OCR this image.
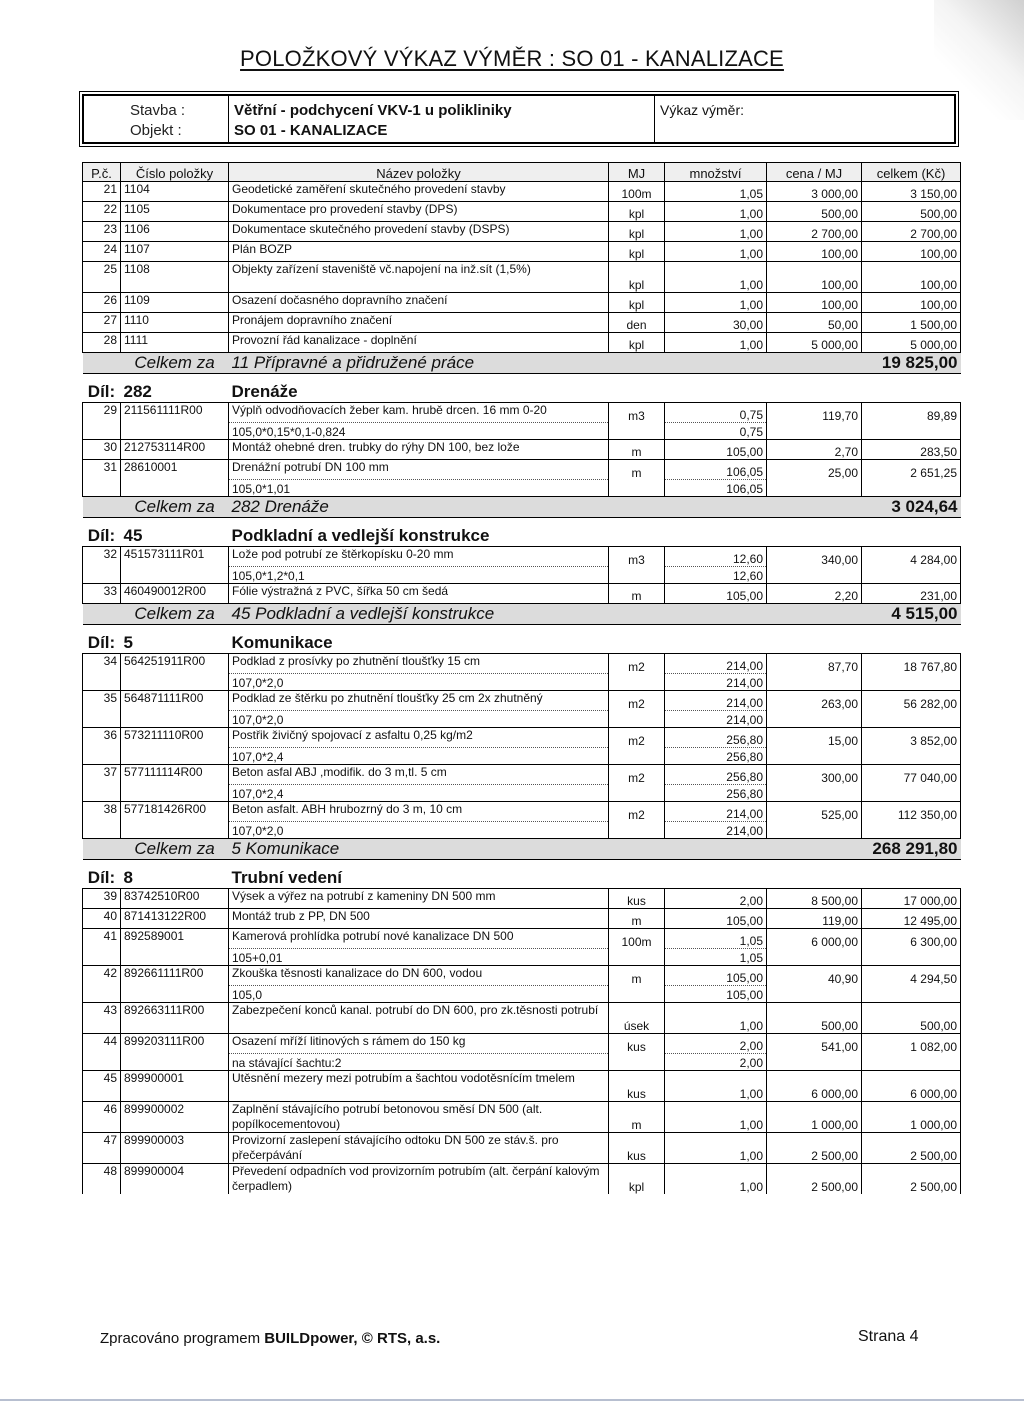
POLOŽKOVÝ VÝKAZ VÝMĚR : SO 01 - KANALIZACE
Stavba :	Větřní - podchycení VKV-1 u polikliniky
Objekt :	SO 01 - KANALIZACE
Výkaz výměr:
P.č.	Číslo položky	Název položky	MJ	množství	cena / MJ	celkem (Kč)
21	1104	Geodetické zaměření skutečného provedení stavby	100m	1,05	3 000,00	3 150,00
22	1105	Dokumentace pro provedení stavby (DPS)	kpl	1,00	500,00	500,00
23	1106	Dokumentace skutečného provedení stavby (DSPS)	kpl	1,00	2 700,00	2 700,00
24	1107	Plán BOZP	kpl	1,00	100,00	100,00
25	1108	Objekty zařízení staveniště vč.napojení na inž.sít (1,5%)	kpl	1,00	100,00	100,00
26	1109	Osazení dočasného dopravního značení	kpl	1,00	100,00	100,00
27	1110	Pronájem dopravního značení	den	30,00	50,00	1 500,00
28	1111	Provozní řád kanalizace - doplnění	kpl	1,00	5 000,00	5 000,00
	Celkem za	11 Přípravné a přidružené práce				19 825,00
Díl:	282	Drenáže				
29	211561111R00	Výplň odvodňovacích žeber kam. hrubě drcen. 16 mm 0-20	m3	0,75	119,70	89,89
		105,0*0,15*0,1-0,824		0,75		
30	212753114R00	Montáž ohebné dren. trubky do rýhy DN 100, bez lože	m	105,00	2,70	283,50
31	28610001	Drenážní potrubí DN 100 mm	m	106,05	25,00	2 651,25
		105,0*1,01		106,05		
	Celkem za	282 Drenáže				3 024,64
Díl:	45	Podkladní a vedlejší konstrukce				
32	451573111R01	Lože pod potrubí ze štěrkopísku 0-20 mm	m3	12,60	340,00	4 284,00
		105,0*1,2*0,1		12,60		
33	460490012R00	Fólie výstražná z PVC, šířka 50 cm šedá	m	105,00	2,20	231,00
	Celkem za	45 Podkladní a vedlejší konstrukce				4 515,00
Díl:	5	Komunikace				
34	564251911R00	Podklad z prosívky po zhutnění tloušťky 15 cm	m2	214,00	87,70	18 767,80
		107,0*2,0		214,00		
35	564871111R00	Podklad ze štěrku po zhutnění tloušťky 25 cm 2x zhutněný	m2	214,00	263,00	56 282,00
		107,0*2,0		214,00		
36	573211110R00	Postřik živičný spojovací z asfaltu 0,25 kg/m2	m2	256,80	15,00	3 852,00
		107,0*2,4		256,80		
37	577111114R00	Beton asfal ABJ ,modifik. do 3 m,tl. 5 cm	m2	256,80	300,00	77 040,00
		107,0*2,4		256,80		
38	577181426R00	Beton asfalt. ABH hrubozrný do 3 m, 10 cm	m2	214,00	525,00	112 350,00
		107,0*2,0		214,00		
	Celkem za	5 Komunikace				268 291,80
Díl:	8	Trubní vedení				
39	83742510R00	Výsek a výřez na potrubí z kameniny DN 500 mm	kus	2,00	8 500,00	17 000,00
40	871413122R00	Montáž trub z PP, DN 500	m	105,00	119,00	12 495,00
41	892589001	Kamerová prohlídka potrubí nové kanalizace DN 500	100m	1,05	6 000,00	6 300,00
		105+0,01		1,05		
42	892661111R00	Zkouška těsnosti kanalizace do DN 600, vodou	m	105,00	40,90	4 294,50
		105,0		105,00		
43	892663111R00	Zabezpečení konců kanal. potrubí do DN 600, pro zk.těsnosti potrubí	úsek	1,00	500,00	500,00
44	899203111R00	Osazení mříží litinových s rámem do 150 kg	kus	2,00	541,00	1 082,00
		na stávající šachtu:2		2,00		
45	899900001	Utěsnění mezery mezi potrubím a šachtou vodotěsnícím tmelem	kus	1,00	6 000,00	6 000,00
46	899900002	Zaplnění stávajícího potrubí betonovou směsí DN 500 (alt. popílkocementovou)	m	1,00	1 000,00	1 000,00
47	899900003	Provizorní zaslepení stávajícího odtoku DN 500 ze stáv.š. pro přečerpávání	kus	1,00	2 500,00	2 500,00
48	899900004	Převedení odpadních vod provizorním potrubím (alt. čerpání kalovým čerpadlem)	kpl	1,00	2 500,00	2 500,00
Zpracováno programem BUILDpower, © RTS, a.s.	Strana 4
